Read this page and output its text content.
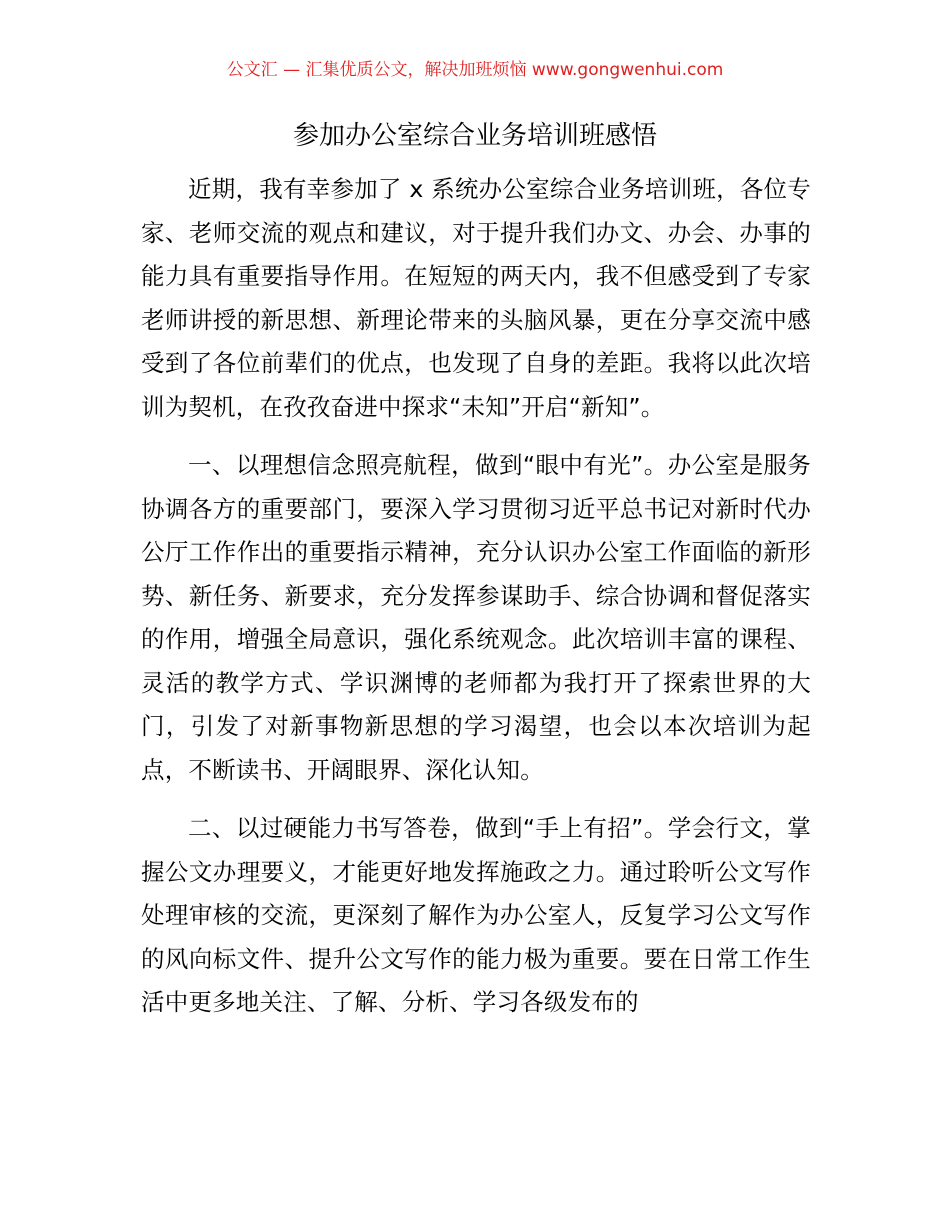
公文汇 — 汇集优质公文，解决加班烦恼 www.gongwenhui.com
参加办公室综合业务培训班感悟

近期，我有幸参加了 x 系统办公室综合业务培训班，各位专家、老师交流的观点和建议，对于提升我们办文、办会、办事的能力具有重要指导作用。在短短的两天内，我不但感受到了专家老师讲授的新思想、新理论带来的头脑风暴，更在分享交流中感受到了各位前辈们的优点，也发现了自身的差距。我将以此次培训为契机，在孜孜奋进中探求“未知”开启“新知”。

一、以理想信念照亮航程，做到“眼中有光”。办公室是服务协调各方的重要部门，要深入学习贯彻习近平总书记对新时代办公厅工作作出的重要指示精神，充分认识办公室工作面临的新形势、新任务、新要求，充分发挥参谋助手、综合协调和督促落实的作用，增强全局意识，强化系统观念。此次培训丰富的课程、灵活的教学方式、学识渊博的老师都为我打开了探索世界的大门，引发了对新事物新思想的学习渴望，也会以本次培训为起点，不断读书、开阔眼界、深化认知。

二、以过硬能力书写答卷，做到“手上有招”。学会行文，掌握公文办理要义，才能更好地发挥施政之力。通过聆听公文写作处理审核的交流，更深刻了解作为办公室人，反复学习公文写作的风向标文件、提升公文写作的能力极为重要。要在日常工作生活中更多地关注、了解、分析、学习各级发布的
